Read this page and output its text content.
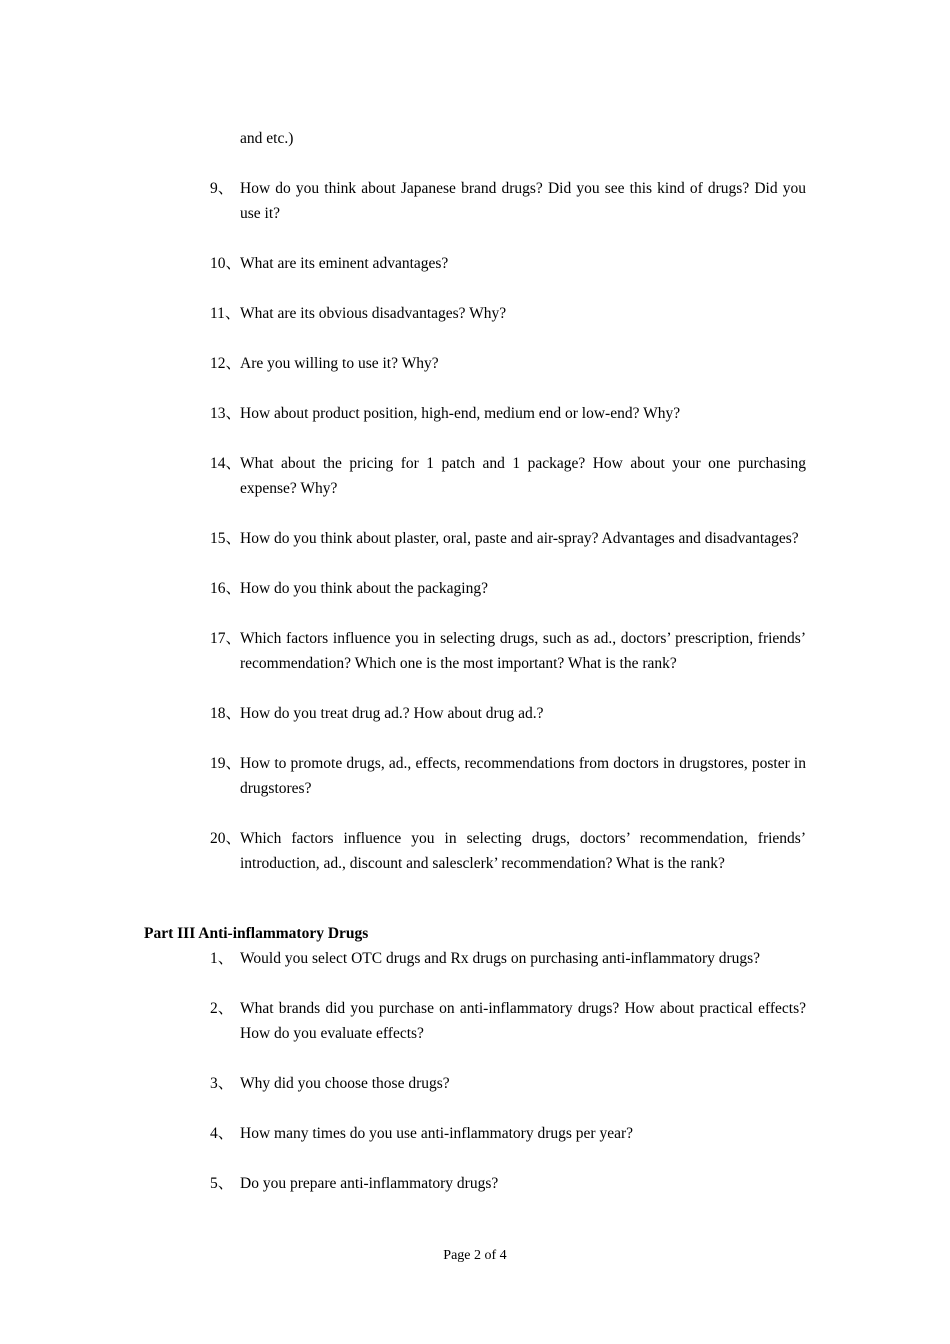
and etc.)
9、 How do you think about Japanese brand drugs? Did you see this kind of drugs? Did you use it?
10、
What are its eminent advantages?
11、 What are its obvious disadvantages? Why?
12、
Are you willing to use it? Why?
13、
How about product position, high-end, medium end or low-end? Why?
14、
What about the pricing for 1 patch and 1 package? How about your one purchasing expense? Why?
15、
How do you think about plaster, oral, paste and air-spray? Advantages and disadvantages?
16、
How do you think about the packaging?
17、
Which factors influence you in selecting drugs, such as ad., doctors’ prescription, friends’ recommendation? Which one is the most important? What is the rank?
18、
How do you treat drug ad.? How about drug ad.?
19、
How to promote drugs, ad., effects, recommendations from doctors in drugstores, poster in drugstores?
20、
Which factors influence you in selecting drugs, doctors’ recommendation, friends’ introduction, ad., discount and salesclerk’ recommendation? What is the rank?
Part III Anti-inflammatory Drugs
1、 Would you select OTC drugs and Rx drugs on purchasing anti-inflammatory drugs?
2、 What brands did you purchase on anti-inflammatory drugs? How about practical effects? How do you evaluate effects?
3、 Why did you choose those drugs?
4、 How many times do you use anti-inflammatory drugs per year?
5、 Do you prepare anti-inflammatory drugs?
Page 2 of 4
